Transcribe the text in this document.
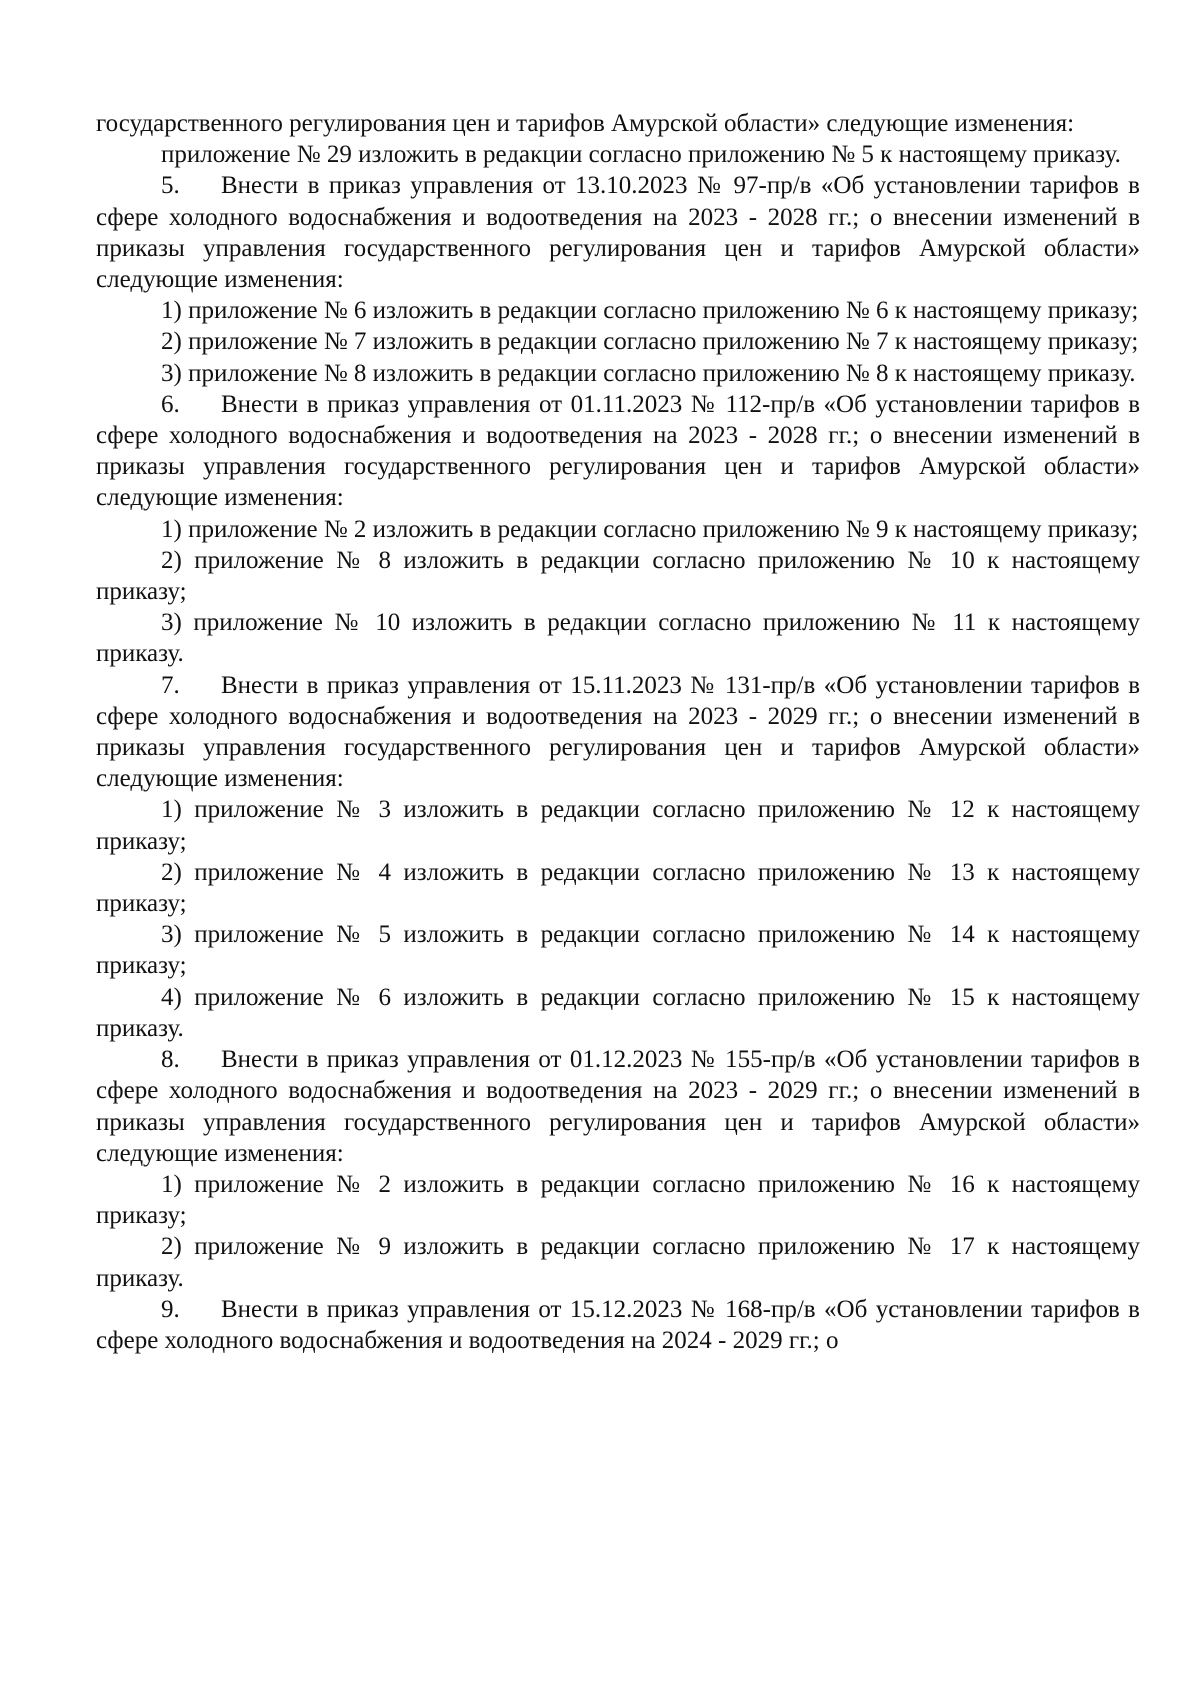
государственного регулирования цен и тарифов Амурской области» следующие изменения:

приложение № 29 изложить в редакции согласно приложению № 5 к настоящему приказу.

5. Внести в приказ управления от 13.10.2023 № 97-пр/в «Об установлении тарифов в сфере холодного водоснабжения и водоотведения на 2023 - 2028 гг.; о внесении изменений в приказы управления государственного регулирования цен и тарифов Амурской области» следующие изменения:

1) приложение № 6 изложить в редакции согласно приложению № 6 к настоящему приказу;

2) приложение № 7 изложить в редакции согласно приложению № 7 к настоящему приказу;

3) приложение № 8 изложить в редакции согласно приложению № 8 к настоящему приказу.

6. Внести в приказ управления от 01.11.2023 № 112-пр/в «Об установлении тарифов в сфере холодного водоснабжения и водоотведения на 2023 - 2028 гг.; о внесении изменений в приказы управления государственного регулирования цен и тарифов Амурской области» следующие изменения:

1) приложение № 2 изложить в редакции согласно приложению № 9 к настоящему приказу;

2) приложение № 8 изложить в редакции согласно приложению № 10 к настоящему приказу;

3) приложение № 10 изложить в редакции согласно приложению № 11 к настоящему приказу.

7. Внести в приказ управления от 15.11.2023 № 131-пр/в «Об установлении тарифов в сфере холодного водоснабжения и водоотведения на 2023 - 2029 гг.; о внесении изменений в приказы управления государственного регулирования цен и тарифов Амурской области» следующие изменения:

1) приложение № 3 изложить в редакции согласно приложению № 12 к настоящему приказу;

2) приложение № 4 изложить в редакции согласно приложению № 13 к настоящему приказу;

3) приложение № 5 изложить в редакции согласно приложению № 14 к настоящему приказу;

4) приложение № 6 изложить в редакции согласно приложению № 15 к настоящему приказу.

8. Внести в приказ управления от 01.12.2023 № 155-пр/в «Об установлении тарифов в сфере холодного водоснабжения и водоотведения на 2023 - 2029 гг.; о внесении изменений в приказы управления государственного регулирования цен и тарифов Амурской области» следующие изменения:

1) приложение № 2 изложить в редакции согласно приложению № 16 к настоящему приказу;

2) приложение № 9 изложить в редакции согласно приложению № 17 к настоящему приказу.

9. Внести в приказ управления от 15.12.2023 № 168-пр/в «Об установлении тарифов в сфере холодного водоснабжения и водоотведения на 2024 - 2029 гг.; о
